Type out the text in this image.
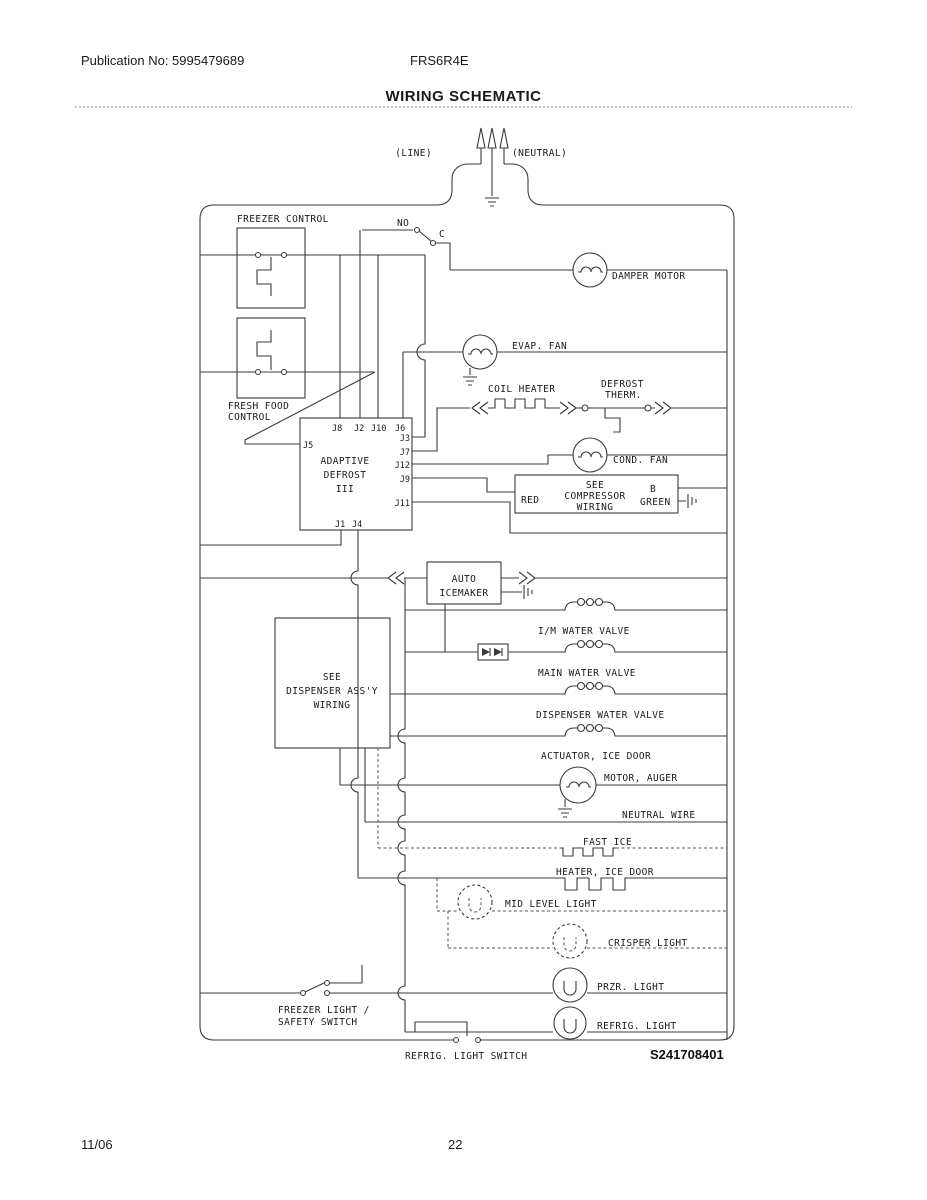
Publication No: 5995479689	FRS6R4E
WIRING SCHEMATIC
11/06	22
(LINE)	(NEUTRAL)
FREEZER CONTROL
FRESH FOOD
CONTROL
NO
C
DAMPER MOTOR
EVAP. FAN
COIL HEATER	DEFROST
THERM.
J8 J2 J10 J6
J5
J3
J7
J12
J9
J11
J1 J4
ADAPTIVE
DEFROST
III
COND. FAN
SEE
COMPRESSOR
WIRING
RED
B
GREEN
AUTO
ICEMAKER
I/M WATER VALVE
MAIN WATER VALVE
DISPENSER WATER VALVE
ACTUATOR, ICE DOOR
SEE
DISPENSER ASS'Y
WIRING
MOTOR, AUGER
NEUTRAL WIRE
FAST ICE
HEATER, ICE DOOR
MID LEVEL LIGHT
CRISPER LIGHT
FREEZER LIGHT /
SAFETY SWITCH
PRZR. LIGHT
REFRIG. LIGHT
REFRIG. LIGHT SWITCH	S241708401
